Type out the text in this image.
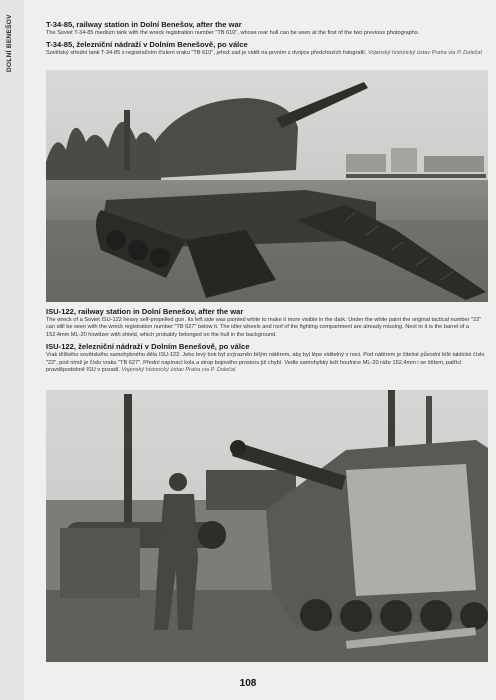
DOLNÍ BENEŠOV	T-34-85, railway station in Dolní Benešov, after the war
The Soviet T-34-85 medium tank with the wreck registration number "TB 610", whose rear hull can be seen at the first of the two previous photographs.
T-34-85, železniční nádraží v Dolním Benešově, po válce
Sovětský střední tank T-34-85 s registračním číslem vraku "TB 610", jehož zad je vidět na prvním z dvojice předchozích fotografií. Vojenský historický ústav Praha via P. Dolečal
ISU-122, railway station in Dolní Benešov, after the war
The wreck of a Soviet ISU-122 heavy self-propelled gun. Its left side was painted white to make it more visible in the dark. Under the white paint the original tactical number "22" can still be seen with the wreck registration number "TB 627" below it. The idler wheels and roof of the fighting compartment are already missing. Next to it is the barrel of a 152.4mm ML-20 howitzer with shield, which probably belonged on the hull in the background.
ISU-122, železniční nádraží v Dolním Benešově, po válce
Vrak těžkého sovětského samohybného děla ISU-122. Jeho levý bok byl zvýrazněn bílým nátěrem, aby byl lépe viditelný v noci. Pod nátěrem je čitelné původní bílé taktické číslo "22", pod nímž je číslo vraku "TB 627". Přední napínací kola a strop bojového prostoru již chybí. Vedle samohybky leží houfnice ML-20 ráže 152,4mm i se štítem, patřící pravděpodobně ISU v pozadí. Vojenský historický ústav Praha via P. Dolečal
108
